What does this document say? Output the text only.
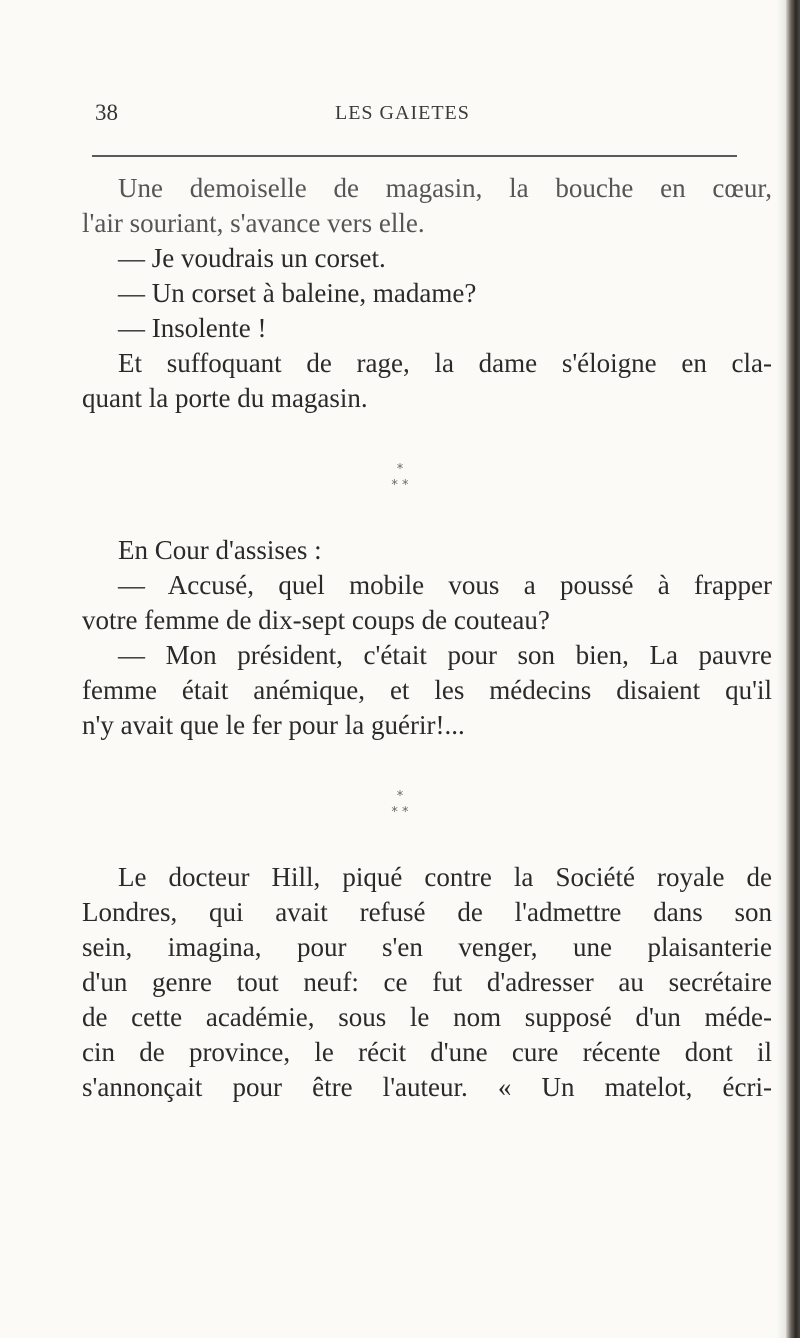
38	LES GAIETES
Une demoiselle de magasin, la bouche en cœur,
l'air souriant, s'avance vers elle.
— Je voudrais un corset.
— Un corset à baleine, madame?
— Insolente !
Et suffoquant de rage, la dame s'éloigne en cla-
quant la porte du magasin.
*
* *
En Cour d'assises :
— Accusé, quel mobile vous a poussé à frapper
votre femme de dix-sept coups de couteau?
— Mon président, c'était pour son bien, La pauvre
femme était anémique, et les médecins disaient qu'il
n'y avait que le fer pour la guérir!...
*
* *
Le docteur Hill, piqué contre la Société royale de
Londres, qui avait refusé de l'admettre dans son
sein, imagina, pour s'en venger, une plaisanterie
d'un genre tout neuf: ce fut d'adresser au secrétaire
de cette académie, sous le nom supposé d'un méde-
cin de province, le récit d'une cure récente dont il
s'annonçait pour être l'auteur. « Un matelot, écri-
